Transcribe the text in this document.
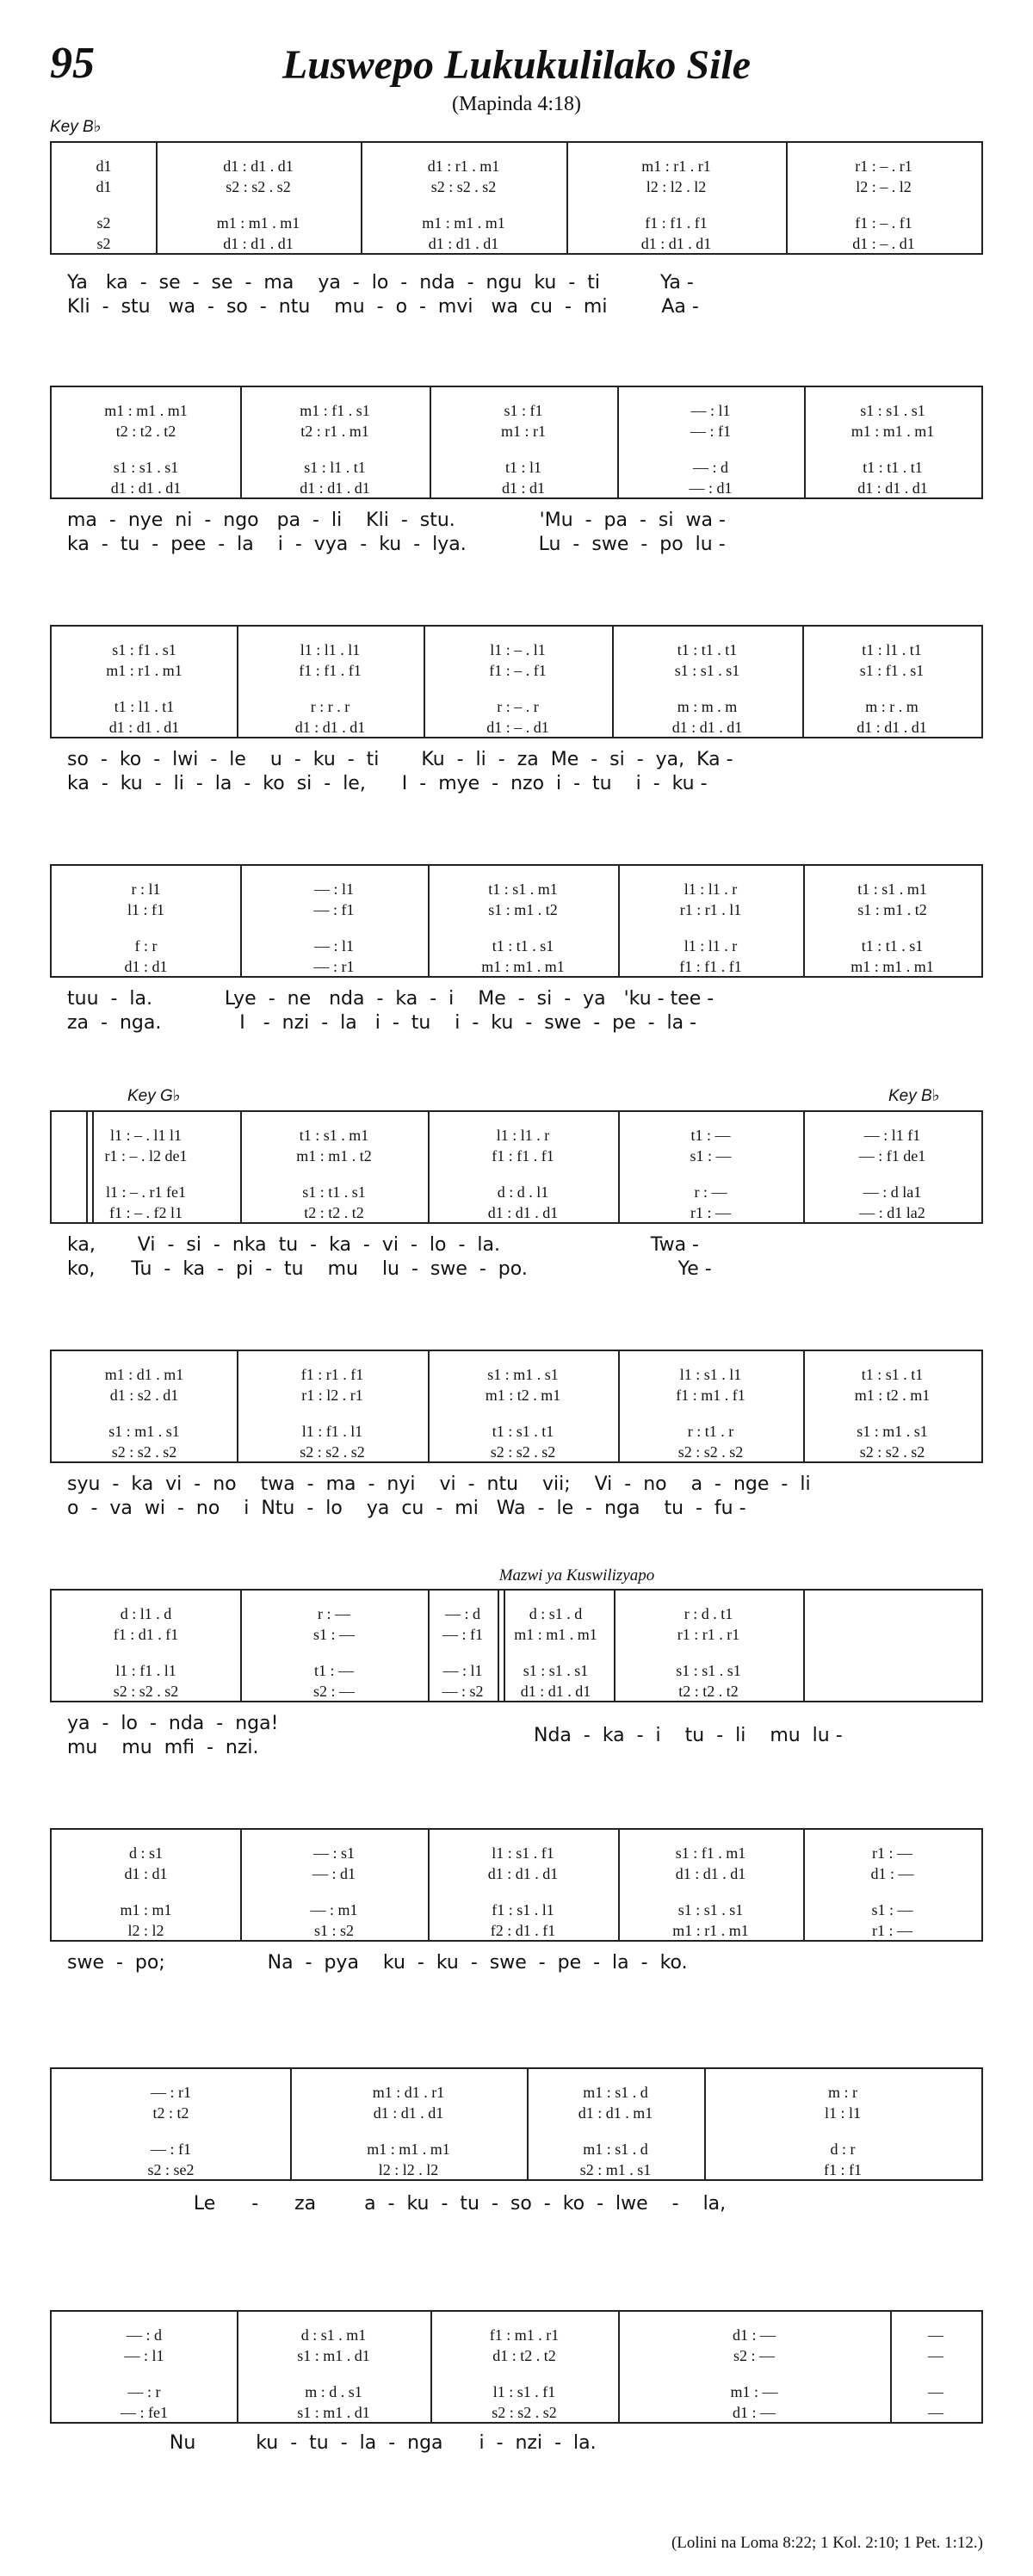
95	Luswepo Lukukulilako Sile
(Mapinda 4:18)
Key B♭
Key G♭	Key B♭
Mazwi ya Kuswilizyapo
d1	d1 : d1 . d1	d1 : r1 . m1	m1 : r1 . r1	r1 : – . r1
d1	s2 : s2 . s2	s2 : s2 . s2	l2 : l2 . l2	l2 : – . l2
s2	m1 : m1 . m1	m1 : m1 . m1	f1 : f1 . f1	f1 : – . f1
s2	d1 : d1 . d1	d1 : d1 . d1	d1 : d1 . d1	d1 : – . d1
Ya   ka  -  se  -  se  -  ma    ya  -  lo  -  nda  -  ngu  ku  -  ti          Ya -
Kli  -  stu   wa  -  so  -  ntu    mu  -  o  -  mvi   wa  cu  -  mi         Aa -
m1 : m1 . m1	m1 : f1 . s1	s1 : f1	— : l1	s1 : s1 . s1
t2 : t2 . t2	t2 : r1 . m1	m1 : r1	— : f1	m1 : m1 . m1
s1 : s1 . s1	s1 : l1 . t1	t1 : l1	— : d	t1 : t1 . t1
d1 : d1 . d1	d1 : d1 . d1	d1 : d1	— : d1	d1 : d1 . d1
ma  -  nye  ni  -  ngo   pa  -  li    Kli  -  stu.              'Mu  -  pa  -  si  wa -
ka  -  tu  -  pee  -  la    i  -  vya  -  ku  -  lya.            Lu  -  swe  -  po  lu -
s1 : f1 . s1	l1 : l1 . l1	l1 : – . l1	t1 : t1 . t1	t1 : l1 . t1
m1 : r1 . m1	f1 : f1 . f1	f1 : – . f1	s1 : s1 . s1	s1 : f1 . s1
t1 : l1 . t1	r : r . r	r : – . r	m : m . m	m : r . m
d1 : d1 . d1	d1 : d1 . d1	d1 : – . d1	d1 : d1 . d1	d1 : d1 . d1
so  -  ko  -  lwi  -  le    u  -  ku  -  ti       Ku  -  li  -  za  Me  -  si  -  ya,  Ka -
ka  -  ku  -  li  -  la  -  ko  si  -  le,      I  -  mye  -  nzo  i  -  tu    i  -  ku -
r : l1	— : l1	t1 : s1 . m1	l1 : l1 . r	t1 : s1 . m1
l1 : f1	— : f1	s1 : m1 . t2	r1 : r1 . l1	s1 : m1 . t2
f : r	— : l1	t1 : t1 . s1	l1 : l1 . r	t1 : t1 . s1
d1 : d1	— : r1	m1 : m1 . m1	f1 : f1 . f1	m1 : m1 . m1
tuu  -  la.            Lye  -  ne   nda  -  ka  -  i    Me  -  si  -  ya   'ku - tee -
za  -  nga.             I   -  nzi  -  la   i  -  tu    i  -  ku  -  swe  -  pe  -  la -
l1 : – . l1 l1	t1 : s1 . m1	l1 : l1 . r	t1 : —	— : l1 f1
r1 : – . l2 de1	m1 : m1 . t2	f1 : f1 . f1	s1 : —	— : f1 de1
l1 : – . r1 fe1	s1 : t1 . s1	d : d . l1	r : —	— : d la1
f1 : – . f2 l1	t2 : t2 . t2	d1 : d1 . d1	r1 : —	— : d1 la2
ka,       Vi  -  si  -  nka  tu  -  ka  -  vi  -  lo  -  la.                         Twa -
ko,      Tu  -  ka  -  pi  -  tu    mu    lu  -  swe  -  po.                         Ye -
m1 : d1 . m1	f1 : r1 . f1	s1 : m1 . s1	l1 : s1 . l1	t1 : s1 . t1
d1 : s2 . d1	r1 : l2 . r1	m1 : t2 . m1	f1 : m1 . f1	m1 : t2 . m1
s1 : m1 . s1	l1 : f1 . l1	t1 : s1 . t1	r : t1 . r	s1 : m1 . s1
s2 : s2 . s2	s2 : s2 . s2	s2 : s2 . s2	s2 : s2 . s2	s2 : s2 . s2
syu  -  ka  vi  -  no    twa  -  ma  -  nyi    vi  -  ntu    vii;    Vi  -  no    a  -  nge  -  li
o  -  va  wi  -  no    i  Ntu  -  lo    ya  cu  -  mi   Wa  -  le  -  nga    tu  -  fu -
d : l1 . d	r : —	— : d	d : s1 . d	r : d . t1
f1 : d1 . f1	s1 : —	— : f1	m1 : m1 . m1	r1 : r1 . r1
l1 : f1 . l1	t1 : —	— : l1	s1 : s1 . s1	s1 : s1 . s1
s2 : s2 . s2	s2 : —	— : s2	d1 : d1 . d1	t2 : t2 . t2
ya  -  lo  -  nda  -  nga!
mu    mu  mfi  -  nzi.
Nda  -  ka  -  i    tu  -  li    mu  lu -
d : s1	— : s1	l1 : s1 . f1	s1 : f1 . m1	r1 : —
d1 : d1	— : d1	d1 : d1 . d1	d1 : d1 . d1	d1 : —
m1 : m1	— : m1	f1 : s1 . l1	s1 : s1 . s1	s1 : —
l2 : l2	s1 : s2	f2 : d1 . f1	m1 : r1 . m1	r1 : —
swe  -  po;                 Na  -  pya    ku  -  ku  -  swe  -  pe  -  la  -  ko.
— : r1	m1 : d1 . r1	m1 : s1 . d	m : r
t2 : t2	d1 : d1 . d1	d1 : d1 . m1	l1 : l1
— : f1	m1 : m1 . m1	m1 : s1 . d	d : r
s2 : se2	l2 : l2 . l2	s2 : m1 . s1	f1 : f1
Le      -      za        a  -  ku  -  tu  -  so  -  ko  -  lwe    -    la,
— : d	d : s1 . m1	f1 : m1 . r1	d1 : —	—
— : l1	s1 : m1 . d1	d1 : t2 . t2	s2 : —	—
— : r	m : d . s1	l1 : s1 . f1	m1 : —	—
— : fe1	s1 : m1 . d1	s2 : s2 . s2	d1 : —	—
Nu          ku  -  tu  -  la  -  nga      i  -  nzi  -  la.
(Lolini na Loma 8:22; 1 Kol. 2:10; 1 Pet. 1:12.)
